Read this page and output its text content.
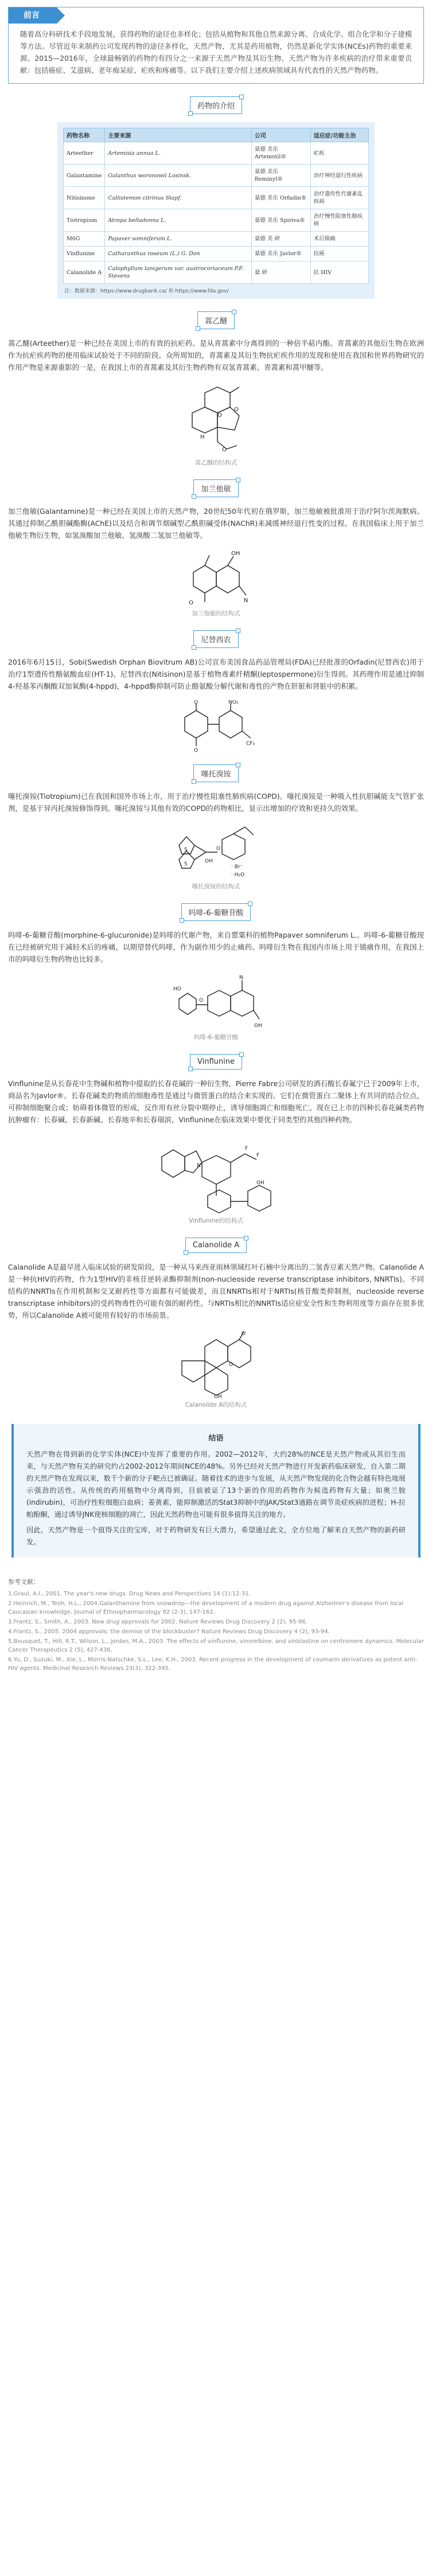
前言
随着高分科研技术手段地发展，获得药物的途径也多样化；包括从植物和其他自然来源分离、合成化学、组合化学和分子建模等方法。尽管近年来制药公司发现药物的途径多样化，天然产物，尤其是药用植物，仍然是新化学实体(NCEs)药物的重要来源。2015—2016年，全球最畅销的药物约有四分之一来源于天然产物及其衍生物。天然产物为许多疾病的治疗带来重要贡献：包括癌症、艾滋病、老年痴呆症、疟疾和疼痛等。以下我们主要介绍上述疾病领域具有代表性的天然产物药物。
药物的介绍
药物名称	主要来源	公司	适应症/功能主治
Arteether	Artemisia annua L.	燊德 美乐 Artemotil®	疟疾
Galantamine	Galanthus woronowii Losinsk.	燊德 美乐 Reminyl®	治疗神经退行性疾病
Nitisinone	Callistemon citrinus Stapf.	燊德 美乐 Orfadin®	治疗遗传性代谢紊乱疾病
Tiotropium	Atropa belladonna L.	燊德 美乐 Spiriva®	治疗慢性阻塞性肺疾病
M6G	Papaver somniferum L.	燊德 美 研	术后镇痛
Vinflunine	Catharanthus roseum (L.) G. Don	燊德 美乐 Javlor®	抗癌
Calanolide A	Calophyllum lanigerum var. austrocoriaceum P.F. Stevens	燊 研	抗 HIV
注：数据来源：https://www.drugbank.ca/ 和 https://www.fda.gov/
蒿乙醚
蒿乙醚(Arteether)是一种已经在美国上市的有效的抗疟药。是从青蒿素中分离得到的一种倍半萜内酯。青蒿素的其他衍生物在欧洲作为抗疟疾药物的使用临床试验处于不同的阶段。众所周知的，青蒿素及其衍生物抗疟疾作用的发现和使用在我国和世界药物研究的作用产物是来源重影的一是，在我国上市的青蒿素及其衍生物药物有双氢青蒿素、青蒿素和蒿甲醚等。
O
O
O
H
蒿乙醚的结构式
加兰他敏
加兰他敏(Galantamine)是一种已经在美国上市的天然产物，20世纪50年代初在俄罗斯，加兰他敏被批准用于治疗阿尔茨海默病。其通过抑制乙酰胆碱酯酶(AChE)以及结合和调节烟碱型乙酰胆碱受体(NAChR)来减缓神经退行性变的过程。在我国临床上用于加兰他敏生物衍生物，如氢溴酸加兰他敏、氢溴酸二氢加兰他敏等。
OH
N
O
加兰他敏的结构式
尼替西农
2016年6月15日，Sobi(Swedish Orphan Biovitrum AB)公司宣布美国食品药品管理局(FDA)已经批准的Orfadin(尼替西农)用于治疗1型遗传性酪氨酸血症(HT-1)。尼替西农(Nitisinon)是基于植物毒素纤精酮(leptospermone)衍生得到。其药理作用是通过抑制4-羟基苯丙酮酸双加氧酶(4-hppd)，4-hppd酶抑制可防止酪氨酸分解代谢和毒性的产物在肝脏和肾脏中的积累。
O	NO₂
CF₃
O
噻托溴铵
噻托溴铵(Tiotropium)已在我国和国外市场上市，用于治疗慢性阻塞性肺疾病(COPD)。噻托溴铵是一种吸入性抗胆碱能支气管扩张剂，是基于异丙托溴铵修饰得到。噻托溴铵与其他有效的COPD的药物相比，显示出增加的疗效和更持久的效果。
S
S	OH
O
· Br⁻
· H₂O
噻托溴铵的结构式
吗啡-6-葡糖苷酸
吗啡-6-葡糖苷酸(morphine-6-glucuronide)是吗啡的代谢产物，来自罂粟科的植物Papaver somniferum L.。吗啡-6-葡糖苷酸现在已经被研究用于减轻术后的疼痛，以期望替代吗啡，作为副作用少的止痛药。吗啡衍生物在我国内市场上用于镇痛作用，在我国上市的吗啡衍生物药物也比较多。
HO
O
N
OH
吗啡-6-葡糖苷酸
Vinflunine
Vinflunine是从长春花中生物碱和植物中提取的长春花碱的一种衍生物，Pierre Fabre公司研发的酒石酸长春氟宁已于2009年上市，商品名为Javlor®。长春花碱类的物质的细胞毒性是通过与微管蛋白的结合来实现的。它们在微管蛋白二聚体上有共同的结合位点，可抑制细胞聚合或；妨碍着体微管的形成，反作用有丝分裂中期停止，诱导细胞凋亡和细胞死亡。现在已上市的四种长春花碱类药物抗肿瘤有：长春碱、长春新碱、长春地辛和长春瑞滨，Vinflunine在临床效果中要优于同类型的其他四种药物。
F
F
N
OH
Vinflunine的结构式
Calanolide A
Calanolide A是最早进入临床试验的研发阶段，是一种从马来西亚雨林领域红叶石楠中分离出的二氢香豆素天然产物。Calanolide A是一种抗HIV的药物，作为1型HIV的非核苷逆转录酶抑制剂(non-nucleoside reverse transcriptase inhibitors, NNRTIs)。不同结构的NNRTIs在作用机制和交叉耐药性等方面都有可能做差，而且NNRTIs相对于NRTIs(核苷酸类抑制剂，nucleoside reverse transcriptase inhibitors)的受药物毒性仍可能有强的耐药性。与NRTIs相比的NNRTIs适应症安全性和生物利用度等方面存在很多优势，所以Calanolide A被可能用有较好的市场前景。
O
O
OH
Calanolide A的结构式
结语
天然产物在得到新的化学实体(NCE)中发挥了重要的作用。2002—2012年，大约28%的NCE是天然产物或从其衍生而来，与天然产物有关的研究约占2002-2012年期间NCE的48%。另外已经对天然产物进行开发新药临床研发，自入第二期的天然产物在发现以来，数千个新的分子靶点已被确证。随着技术的进步与发展，从天然产物发现的化合物会越有特色地展示强劲的活性。从传统的药用植物中分离得到，目前被证了13个新的作用的药物作为候选药物有大量；如奥兰胺(indirubin)，可治疗性粒细胞白血病；姜黄素，能抑制激活的Stat3抑制中的JAK/Stat3通路在调节炎症疾病的进程；H-拉帕酚酮，通过诱导JNK使核细胞的凋亡，因此天然药物也可能有很多值得关注的地方。
因此，天然产物是一个值得关注的宝库，对于药物研发有巨大潜力，希望通过此文，全方位地了解来自天然产物的新药研发。
参考文献：
1.Graul, A.I., 2001. The year's new drugs. Drug News and Perspectives 14 (1):12-31.
2.Heinrich, M., Teoh, H.L., 2004.Galanthamine from snowdrop—the development of a modern drug against Alzheimer's disease from local Caucasian knowledge. Journal of Ethnopharmacology 92 (2-3), 147-162.
3.Frantz, S., Smith, A., 2003. New drug approvals for 2002. Nature Reviews Drug Discovery 2 (2), 95-96.
4.Frantz, S., 2005. 2004 approvals: the demise of the blockbuster? Nature Reviews Drug Discovery 4 (2), 93-94.
5.Bousquet, T., Hill, R.T., Wilson, L., Jordan, M.A., 2003. The effects of vinflunine, vinorelbine, and vinblastine on centromere dynamics. Molecular Cancer Therapeutics 2 (5), 427-436.
6.Yu, D., Suzuki, M., Xie, L., Morris-Natschke, S.L., Lee, K.H., 2003. Recent progress in the development of coumarin derivatives as potent anti-HIV agents. Medicinal Research Reviews 23(3), 322-345.
